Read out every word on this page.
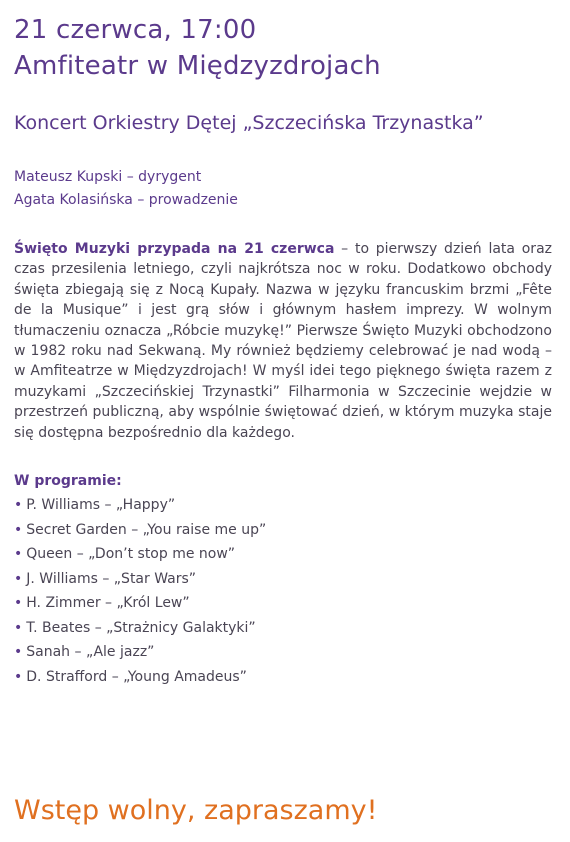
21 czerwca, 17:00
Amfiteatr w Międzyzdrojach
Koncert Orkiestry Dętej „Szczecińska Trzynastka”
Mateusz Kupski – dyrygent
Agata Kolasińska – prowadzenie
Święto Muzyki przypada na 21 czerwca – to pierwszy dzień lata oraz czas przesilenia letniego, czyli najkrótsza noc w roku. Dodatkowo obchody święta zbiegają się z Nocą Kupały. Nazwa w języku francuskim brzmi „Fête de la Musique” i jest grą słów i głównym hasłem imprezy. W wolnym tłumaczeniu oznacza „Róbcie muzykę!” Pierwsze Święto Muzyki obchodzono w 1982 roku nad Sekwaną. My również będziemy celebrować je nad wodą – w Amfiteatrze w Międzyzdrojach! W myśl idei tego pięknego święta razem z muzykami „Szczecińskiej Trzynastki” Filharmonia w Szczecinie wejdzie w przestrzeń publiczną, aby wspólnie świętować dzień, w którym muzyka staje się dostępna bezpośrednio dla każdego.
W programie:
• P. Williams – „Happy”
• Secret Garden – „You raise me up”
• Queen – „Don’t stop me now”
• J. Williams – „Star Wars”
• H. Zimmer – „Król Lew”
• T. Beates – „Strażnicy Galaktyki”
• Sanah – „Ale jazz”
• D. Strafford – „Young Amadeus”
Wstęp wolny, zapraszamy!
